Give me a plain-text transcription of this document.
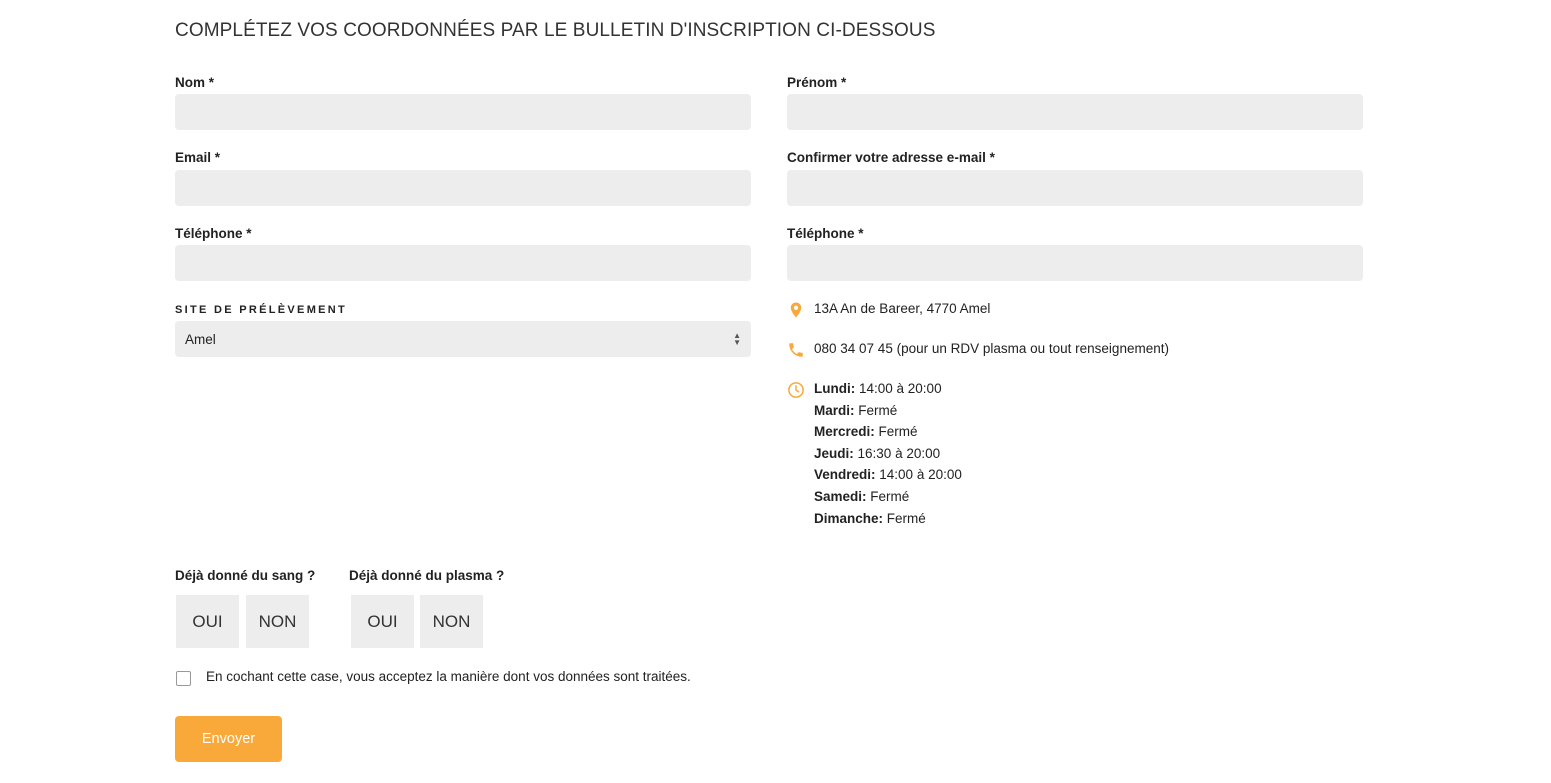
COMPLÉTEZ VOS COORDONNÉES PAR LE BULLETIN D'INSCRIPTION CI-DESSOUS
Nom *
Email *
Téléphone *
SITE DE PRÉLÈVEMENT
Amel	▲
▼
Prénom *
Confirmer votre adresse e-mail *
Téléphone *
13A An de Bareer, 4770 Amel
080 34 07 45 (pour un RDV plasma ou tout renseignement)
Lundi: 14:00 à 20:00
Mardi: Fermé
Mercredi: Fermé
Jeudi: 16:30 à 20:00
Vendredi: 14:00 à 20:00
Samedi: Fermé
Dimanche: Fermé
Déjà donné du sang ?
OUI	NON
Déjà donné du plasma ?
OUI	NON
En cochant cette case, vous acceptez la manière dont vos données sont traitées.
Envoyer
